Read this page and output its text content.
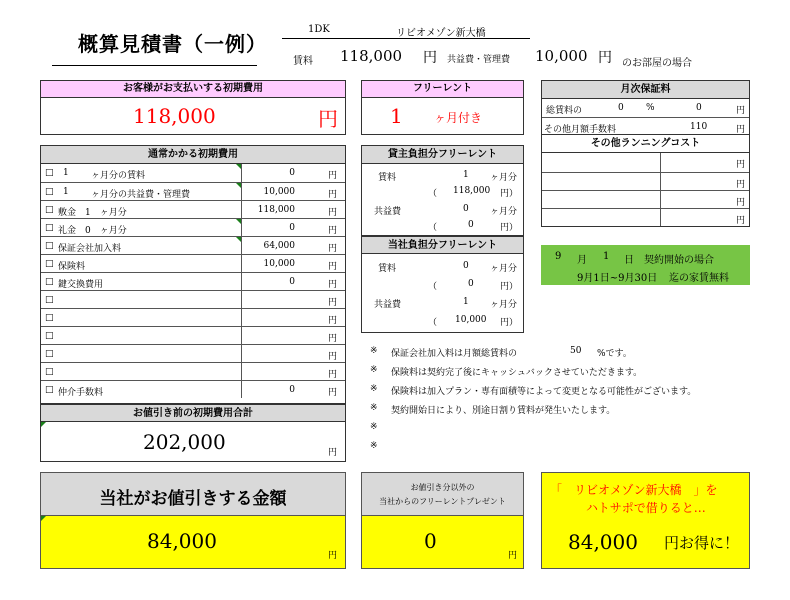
概算見積書（一例）
1DK	リビオメゾン新大橋
賃料 118,000 円 共益費・管理費 10,000 円 のお部屋の場合
お客様がお支払いする初期費用
118,000	円
フリーレント
1	ヶ月付き
月次保証料
総賃料の	0 %	0	円
その他月額手数料	110	円
その他ランニングコスト
円
円
円
円
通常かかる初期費用
□ 1 ヶ月分の賃料	0	円
□ 1 ヶ月分の共益費・管理費	10,000	円
□ 敷金　1　ヶ月分	118,000	円
□ 礼金　0　ヶ月分	0	円
□ 保証会社加入料	64,000	円
□ 保険料	10,000	円
□ 鍵交換費用	0	円
□	円
□	円
□	円
□	円
□	円
□ 仲介手数料	0	円
お値引き前の初期費用合計
202,000	円
貸主負担分フリーレント
賃料	1 ヶ月分
（ 118,000 円）
共益費	0 ヶ月分
（	0	円）
当社負担分フリーレント
賃料	0 ヶ月分
（	0	円）
共益費	1 ヶ月分
（ 10,000 円）
9 月 1 日 契約開始の場合
9月1日~9月30日 迄の家賃無料
※ 保証会社加入料は月額総賃料の	50 %です。
※ 保険料は契約完了後にキャッシュバックさせていただきます。
※ 保険料は加入プラン・専有面積等によって変更となる可能性がございます。
※ 契約開始日により、別途日割り賃料が発生いたします。
※
※
当社がお値引きする金額
84,000
円
お値引き分以外の
当社からのフリーレントプレゼント
0
円
「　リビオメゾン新大橋　」を
ハトサポで借りると…
84,000 円お得に！
